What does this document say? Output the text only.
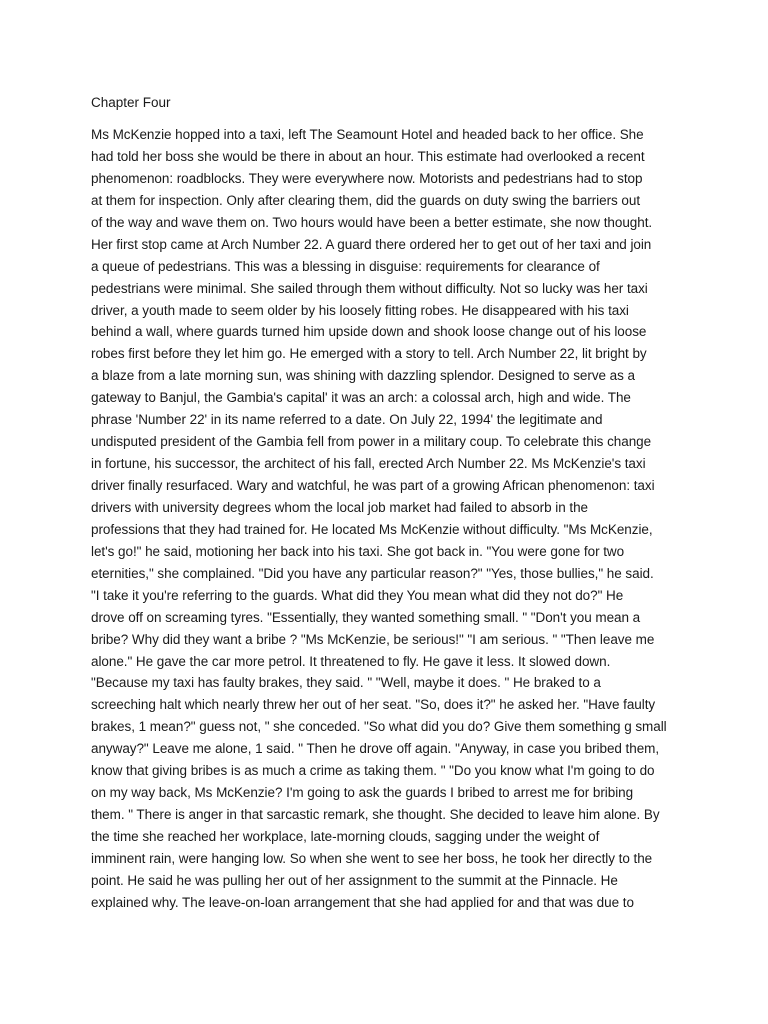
Chapter Four
Ms McKenzie hopped into a taxi, left The Seamount Hotel and headed back to her office. She
had told her boss she would be there in about an hour. This estimate had overlooked a recent
phenomenon: roadblocks. They were everywhere now. Motorists and pedestrians had to stop
at them for inspection. Only after clearing them, did the guards on duty swing the barriers out
of the way and wave them on. Two hours would have been a better estimate, she now thought.
Her first stop came at Arch Number 22. A guard there ordered her to get out of her taxi and join
a queue of pedestrians. This was a blessing in disguise: requirements for clearance of
pedestrians were minimal. She sailed through them without difficulty. Not so lucky was her taxi
driver, a youth made to seem older by his loosely fitting robes. He disappeared with his taxi
behind a wall, where guards turned him upside down and shook loose change out of his loose
robes first before they let him go. He emerged with a story to tell. Arch Number 22, lit bright by
a blaze from a late morning sun, was shining with dazzling splendor. Designed to serve as a
gateway to Banjul, the Gambia's capital' it was an arch: a colossal arch, high and wide. The
phrase 'Number 22' in its name referred to a date. On July 22, 1994' the legitimate and
undisputed president of the Gambia fell from power in a military coup. To celebrate this change
in fortune, his successor, the architect of his fall, erected Arch Number 22. Ms McKenzie's taxi
driver finally resurfaced. Wary and watchful, he was part of a growing African phenomenon: taxi
drivers with university degrees whom the local job market had failed to absorb in the
professions that they had trained for. He located Ms McKenzie without difficulty. "Ms McKenzie,
let's go!" he said, motioning her back into his taxi. She got back in. "You were gone for two
eternities," she complained. "Did you have any particular reason?" "Yes, those bullies," he said.
"I take it you're referring to the guards. What did they You mean what did they not do?" He
drove off on screaming tyres. "Essentially, they wanted something small. " "Don't you mean a
bribe? Why did they want a bribe ? "Ms McKenzie, be serious!" "I am serious. " "Then leave me
alone." He gave the car more petrol. It threatened to fly. He gave it less. It slowed down.
"Because my taxi has faulty brakes, they said. " "Well, maybe it does. " He braked to a
screeching halt which nearly threw her out of her seat. "So, does it?" he asked her. "Have faulty
brakes, 1 mean?" guess not, " she conceded. "So what did you do? Give them something g small
anyway?" Leave me alone, 1 said. " Then he drove off again. "Anyway, in case you bribed them,
know that giving bribes is as much a crime as taking them. " "Do you know what I'm going to do
on my way back, Ms McKenzie? I'm going to ask the guards I bribed to arrest me for bribing
them. " There is anger in that sarcastic remark, she thought. She decided to leave him alone. By
the time she reached her workplace, late-morning clouds, sagging under the weight of
imminent rain, were hanging low. So when she went to see her boss, he took her directly to the
point. He said he was pulling her out of her assignment to the summit at the Pinnacle. He
explained why. The leave-on-loan arrangement that she had applied for and that was due to
